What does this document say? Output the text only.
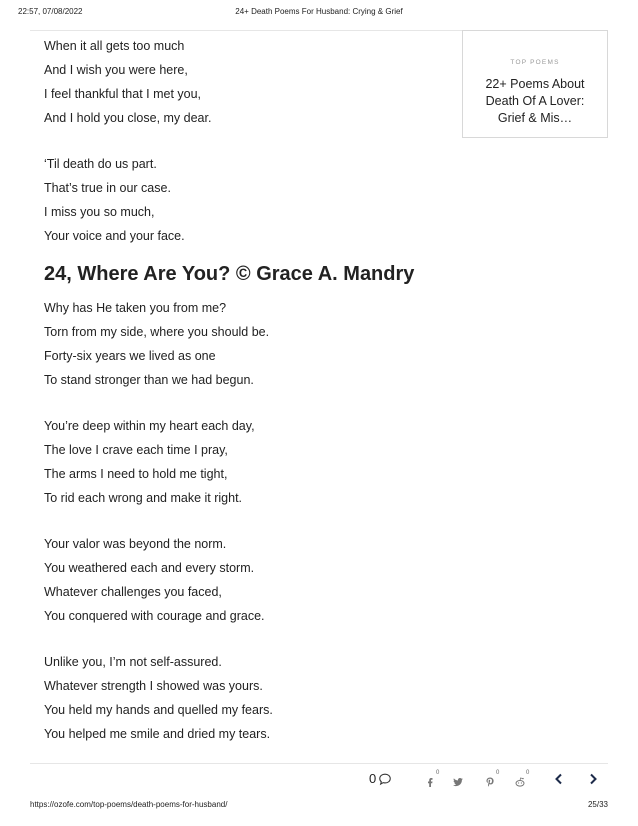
22:57, 07/08/2022	24+ Death Poems For Husband: Crying & Grief
When it all gets too much
And I wish you were here,
I feel thankful that I met you,
And I hold you close, my dear.
‘Til death do us part.
That’s true in our case.
I miss you so much,
Your voice and your face.
24, Where Are You? © Grace A. Mandry
Why has He taken you from me?
Torn from my side, where you should be.
Forty-six years we lived as one
To stand stronger than we had begun.
You’re deep within my heart each day,
The love I crave each time I pray,
The arms I need to hold me tight,
To rid each wrong and make it right.
Your valor was beyond the norm.
You weathered each and every storm.
Whatever challenges you faced,
You conquered with courage and grace.
Unlike you, I’m not self-assured.
Whatever strength I showed was yours.
You held my hands and quelled my fears.
You helped me smile and dried my tears.
TOP POEMS
22+ Poems About Death Of A Lover: Grief & Mis…
0	0	0	0
https://ozofe.com/top-poems/death-poems-for-husband/	25/33
